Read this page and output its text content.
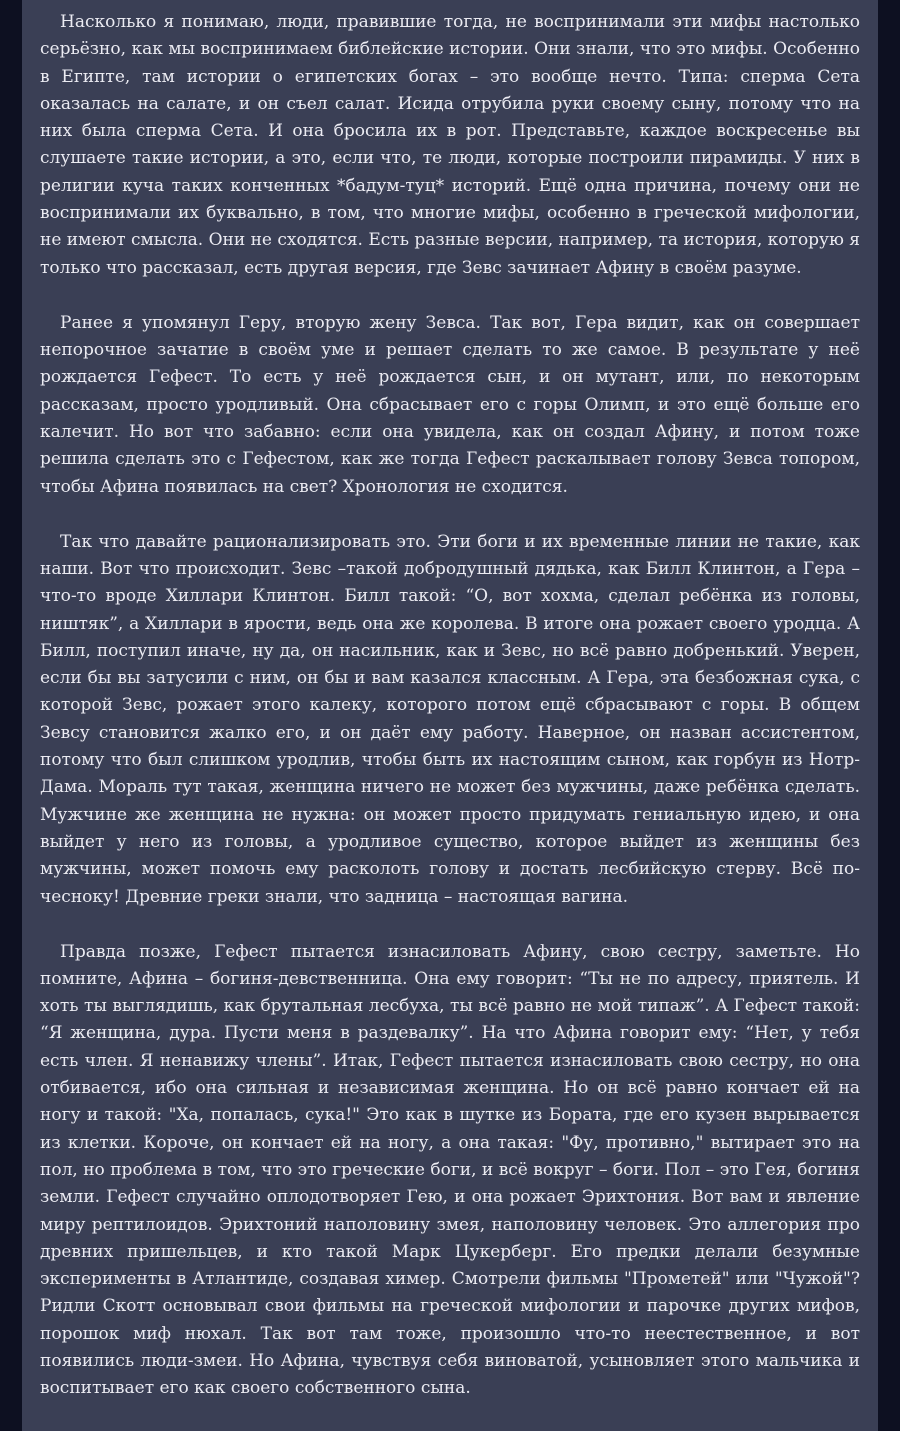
Насколько я понимаю, люди, правившие тогда, не воспринимали эти мифы настолько серьёзно, как мы воспринимаем библейские истории. Они знали, что это мифы. Особенно в Египте, там истории о египетских богах – это вообще нечто. Типа: сперма Сета оказалась на салате, и он съел салат. Исида отрубила руки своему сыну, потому что на них была сперма Сета. И она бросила их в рот. Представьте, каждое воскресенье вы слушаете такие истории, а это, если что, те люди, которые построили пирамиды. У них в религии куча таких конченных *бадум-туц* историй. Ещё одна причина, почему они не воспринимали их буквально, в том, что многие мифы, особенно в греческой мифологии, не имеют смысла. Они не сходятся. Есть разные версии, например, та история, которую я только что рассказал, есть другая версия, где Зевс зачинает Афину в своём разуме.

Ранее я упомянул Геру, вторую жену Зевса. Так вот, Гера видит, как он совершает непорочное зачатие в своём уме и решает сделать то же самое. В результате у неё рождается Гефест. То есть у неё рождается сын, и он мутант, или, по некоторым рассказам, просто уродливый. Она сбрасывает его с горы Олимп, и это ещё больше его калечит. Но вот что забавно: если она увидела, как он создал Афину, и потом тоже решила сделать это с Гефестом, как же тогда Гефест раскалывает голову Зевса топором, чтобы Афина появилась на свет? Хронология не сходится.

Так что давайте рационализировать это. Эти боги и их временные линии не такие, как наши. Вот что происходит. Зевс –такой добродушный дядька, как Билл Клинтон, а Гера – что-то вроде Хиллари Клинтон. Билл такой: “О, вот хохма, сделал ребёнка из головы, ништяк”, а Хиллари в ярости, ведь она же королева. В итоге она рожает своего уродца. А Билл, поступил иначе, ну да, он насильник, как и Зевс, но всё равно добренький. Уверен, если бы вы затусили с ним, он бы и вам казался классным. А Гера, эта безбожная сука, с которой Зевс, рожает этого калеку, которого потом ещё сбрасывают с горы. В общем Зевсу становится жалко его, и он даёт ему работу. Наверное, он назван ассистентом, потому что был слишком уродлив, чтобы быть их настоящим сыном, как горбун из Нотр-Дама. Мораль тут такая, женщина ничего не может без мужчины, даже ребёнка сделать. Мужчине же женщина не нужна: он может просто придумать гениальную идею, и она выйдет у него из головы, а уродливое существо, которое выйдет из женщины без мужчины, может помочь ему расколоть голову и достать лесбийскую стерву. Всё по-чесноку! Древние греки знали, что задница – настоящая вагина.

Правда позже, Гефест пытается изнасиловать Афину, свою сестру, заметьте. Но помните, Афина – богиня-девственница. Она ему говорит: “Ты не по адресу, приятель. И хоть ты выглядишь, как брутальная лесбуха, ты всё равно не мой типаж”. А Гефест такой: “Я женщина, дура. Пусти меня в раздевалку”. На что Афина говорит ему: “Нет, у тебя есть член. Я ненавижу члены”. Итак, Гефест пытается изнасиловать свою сестру, но она отбивается, ибо она сильная и независимая женщина. Но он всё равно кончает ей на ногу и такой: "Ха, попалась, сука!" Это как в шутке из Бората, где его кузен вырывается из клетки. Короче, он кончает ей на ногу, а она такая: "Фу, противно," вытирает это на пол, но проблема в том, что это греческие боги, и всё вокруг – боги. Пол – это Гея, богиня земли. Гефест случайно оплодотворяет Гею, и она рожает Эрихтония. Вот вам и явление миру рептилоидов. Эрихтоний наполовину змея, наполовину человек. Это аллегория про древних пришельцев, и кто такой Марк Цукерберг. Его предки делали безумные эксперименты в Атлантиде, создавая химер. Смотрели фильмы "Прометей" или "Чужой"? Ридли Скотт основывал свои фильмы на греческой мифологии и парочке других мифов, порошок миф нюхал. Так вот там тоже, произошло что-то неестественное, и вот появились люди-змеи. Но Афина, чувствуя себя виноватой, усыновляет этого мальчика и воспитывает его как своего собственного сына.
